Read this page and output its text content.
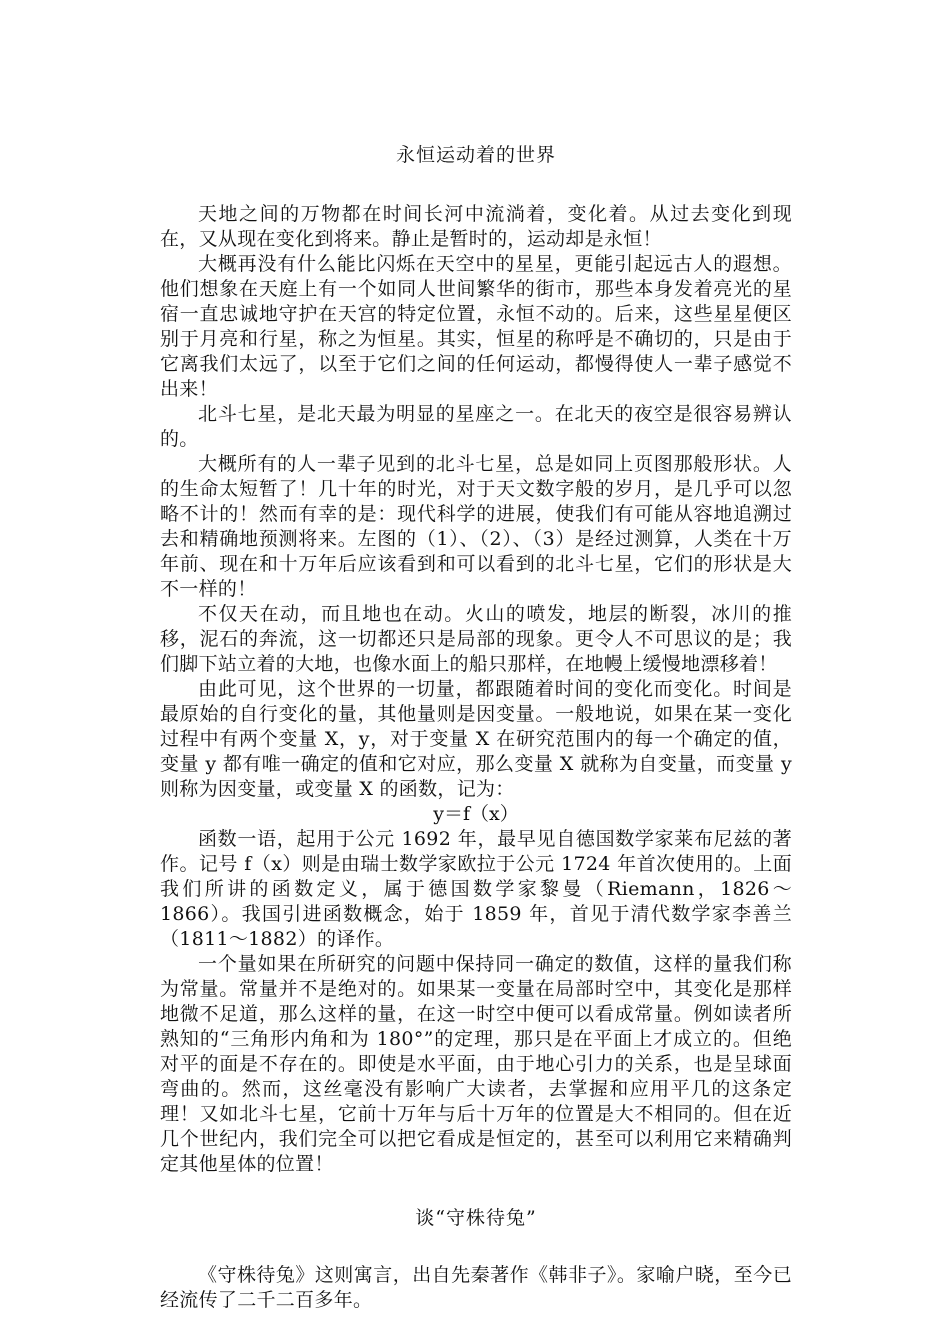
永恒运动着的世界

天地之间的万物都在时间长河中流淌着，变化着。从过去变化到现在，又从现在变化到将来。静止是暂时的，运动却是永恒！

大概再没有什么能比闪烁在天空中的星星，更能引起远古人的遐想。他们想象在天庭上有一个如同人世间繁华的街市，那些本身发着亮光的星宿一直忠诚地守护在天宫的特定位置，永恒不动的。后来，这些星星便区别于月亮和行星，称之为恒星。其实，恒星的称呼是不确切的，只是由于它离我们太远了，以至于它们之间的任何运动，都慢得使人一辈子感觉不出来！

北斗七星，是北天最为明显的星座之一。在北天的夜空是很容易辨认的。

大概所有的人一辈子见到的北斗七星，总是如同上页图那般形状。人的生命太短暂了！几十年的时光，对于天文数字般的岁月，是几乎可以忽略不计的！然而有幸的是：现代科学的进展，使我们有可能从容地追溯过去和精确地预测将来。左图的（1）、（2）、（3）是经过测算，人类在十万年前、现在和十万年后应该看到和可以看到的北斗七星，它们的形状是大不一样的！

不仅天在动，而且地也在动。火山的喷发，地层的断裂，冰川的推移，泥石的奔流，这一切都还只是局部的现象。更令人不可思议的是；我们脚下站立着的大地，也像水面上的船只那样，在地幔上缓慢地漂移着！

由此可见，这个世界的一切量，都跟随着时间的变化而变化。时间是最原始的自行变化的量，其他量则是因变量。一般地说，如果在某一变化过程中有两个变量 X，y，对于变量 X 在研究范围内的每一个确定的值，变量 y 都有唯一确定的值和它对应，那么变量 X 就称为自变量，而变量 y 则称为因变量，或变量 X 的函数，记为：

y＝f（x）

函数一语，起用于公元 1692 年，最早见自德国数学家莱布尼兹的著作。记号 f（x）则是由瑞士数学家欧拉于公元 1724 年首次使用的。上面我们所讲的函数定义，属于德国数学家黎曼（Riemann，1826～1866）。我国引进函数概念，始于 1859 年，首见于清代数学家李善兰（1811～1882）的译作。

一个量如果在所研究的问题中保持同一确定的数值，这样的量我们称为常量。常量并不是绝对的。如果某一变量在局部时空中，其变化是那样地微不足道，那么这样的量，在这一时空中便可以看成常量。例如读者所熟知的“三角形内角和为 180°”的定理，那只是在平面上才成立的。但绝对平的面是不存在的。即使是水平面，由于地心引力的关系，也是呈球面弯曲的。然而，这丝毫没有影响广大读者，去掌握和应用平几的这条定理！又如北斗七星，它前十万年与后十万年的位置是大不相同的。但在近几个世纪内，我们完全可以把它看成是恒定的，甚至可以利用它来精确判定其他星体的位置！

谈“守株待兔”

《守株待兔》这则寓言，出自先秦著作《韩非子》。家喻户晓，至今已经流传了二千二百多年。
